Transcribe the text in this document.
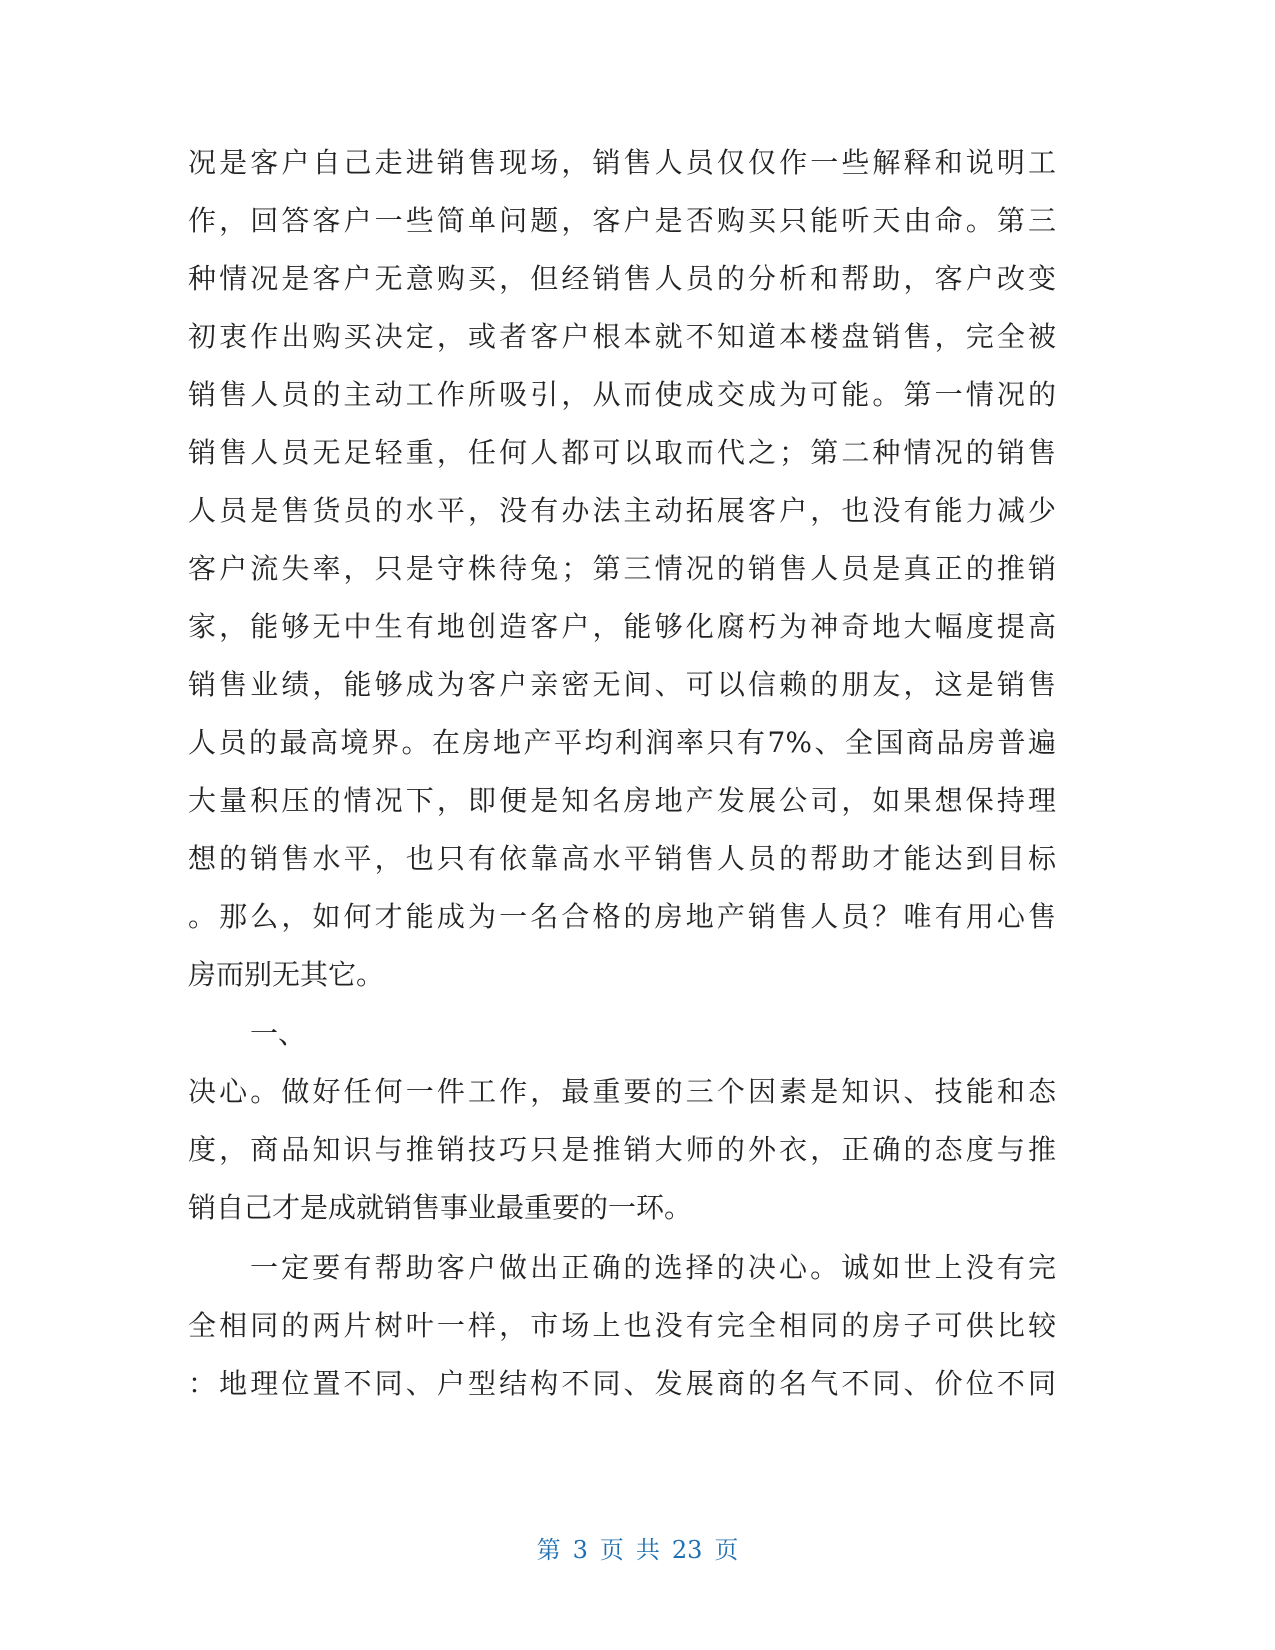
况是客户自己走进销售现场，销售人员仅仅作一些解释和说明工
作，回答客户一些简单问题，客户是否购买只能听天由命。第三
种情况是客户无意购买，但经销售人员的分析和帮助，客户改变
初衷作出购买决定，或者客户根本就不知道本楼盘销售，完全被
销售人员的主动工作所吸引，从而使成交成为可能。第一情况的
销售人员无足轻重，任何人都可以取而代之；第二种情况的销售
人员是售货员的水平，没有办法主动拓展客户，也没有能力减少
客户流失率，只是守株待兔；第三情况的销售人员是真正的推销
家，能够无中生有地创造客户，能够化腐朽为神奇地大幅度提高
销售业绩，能够成为客户亲密无间、可以信赖的朋友，这是销售
人员的最高境界。在房地产平均利润率只有7%、全国商品房普遍
大量积压的情况下，即便是知名房地产发展公司，如果想保持理
想的销售水平，也只有依靠高水平销售人员的帮助才能达到目标
。那么，如何才能成为一名合格的房地产销售人员？唯有用心售
房而别无其它。
一、
决心。做好任何一件工作，最重要的三个因素是知识、技能和态
度，商品知识与推销技巧只是推销大师的外衣，正确的态度与推
销自己才是成就销售事业最重要的一环。
一定要有帮助客户做出正确的选择的决心。诚如世上没有完
全相同的两片树叶一样，市场上也没有完全相同的房子可供比较
：地理位置不同、户型结构不同、发展商的名气不同、价位不同
第 3 页 共 23 页
